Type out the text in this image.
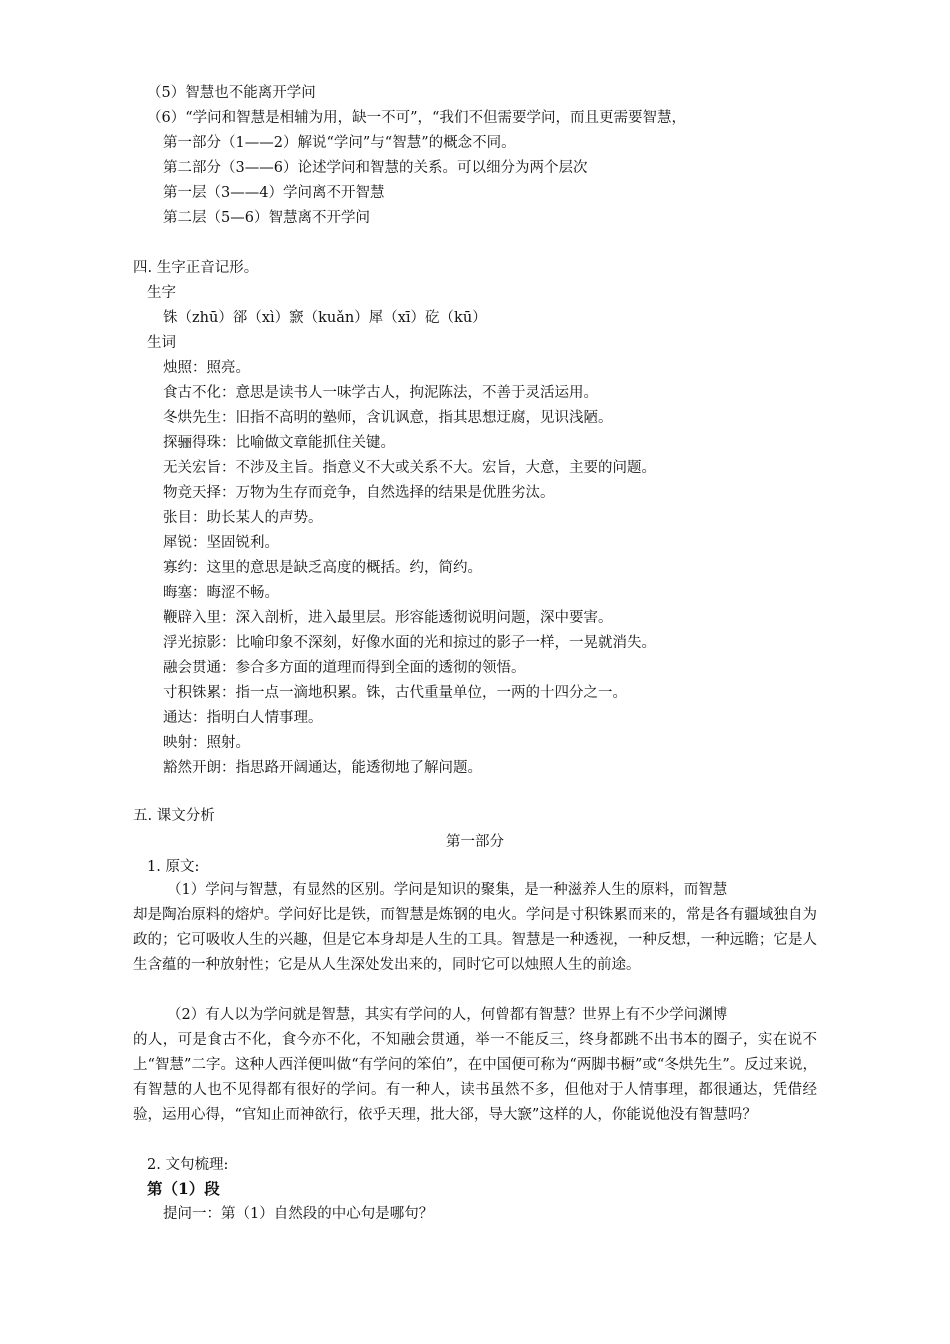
（5）智慧也不能离开学问
（6）“学问和智慧是相辅为用，缺一不可”，“我们不但需要学问，而且更需要智慧，
第一部分（1——2）解说“学问”与“智慧”的概念不同。
第二部分（3——6）论述学问和智慧的关系。可以细分为两个层次
第一层（3——4）学问离不开智慧
第二层（5—6）智慧离不开学问
四. 生字正音记形。
生字
铢（zhū）郤（xì）窾（kuǎn）犀（xī）矻（kū）
生词
烛照：照亮。
食古不化：意思是读书人一味学古人，拘泥陈法，不善于灵活运用。
冬烘先生：旧指不高明的塾师，含讥讽意，指其思想迂腐，见识浅陋。
探骊得珠：比喻做文章能抓住关键。
无关宏旨：不涉及主旨。指意义不大或关系不大。宏旨，大意，主要的问题。
物竞天择：万物为生存而竞争，自然选择的结果是优胜劣汰。
张目：助长某人的声势。
犀锐：坚固锐利。
寡约：这里的意思是缺乏高度的概括。约，简约。
晦塞：晦涩不畅。
鞭辟入里：深入剖析，进入最里层。形容能透彻说明问题，深中要害。
浮光掠影：比喻印象不深刻，好像水面的光和掠过的影子一样，一晃就消失。
融会贯通：参合多方面的道理而得到全面的透彻的领悟。
寸积铢累：指一点一滴地积累。铢，古代重量单位，一两的十四分之一。
通达：指明白人情事理。
映射：照射。
豁然开朗：指思路开阔通达，能透彻地了解问题。
五. 课文分析
第一部分
1. 原文:
（1）学问与智慧，有显然的区别。学问是知识的聚集，是一种滋养人生的原料，而智慧
却是陶冶原料的熔炉。学问好比是铁，而智慧是炼钢的电火。学问是寸积铢累而来的，常是各有疆域独自为政的；它可吸收人生的兴趣，但是它本身却是人生的工具。智慧是一种透视，一种反想，一种远瞻；它是人生含蕴的一种放射性；它是从人生深处发出来的，同时它可以烛照人生的前途。
（2）有人以为学问就是智慧，其实有学问的人，何曾都有智慧？世界上有不少学问渊博
的人，可是食古不化，食今亦不化，不知融会贯通，举一不能反三，终身都跳不出书本的圈子，实在说不上“智慧”二字。这种人西洋便叫做“有学问的笨伯”，在中国便可称为“两脚书橱”或“冬烘先生”。反过来说，有智慧的人也不见得都有很好的学问。有一种人，读书虽然不多，但他对于人情事理，都很通达，凭借经验，运用心得，“官知止而神欲行，依乎天理，批大郤，导大窾”这样的人，你能说他没有智慧吗？
2. 文句梳理:
第（1）段
提问一：第（1）自然段的中心句是哪句？
